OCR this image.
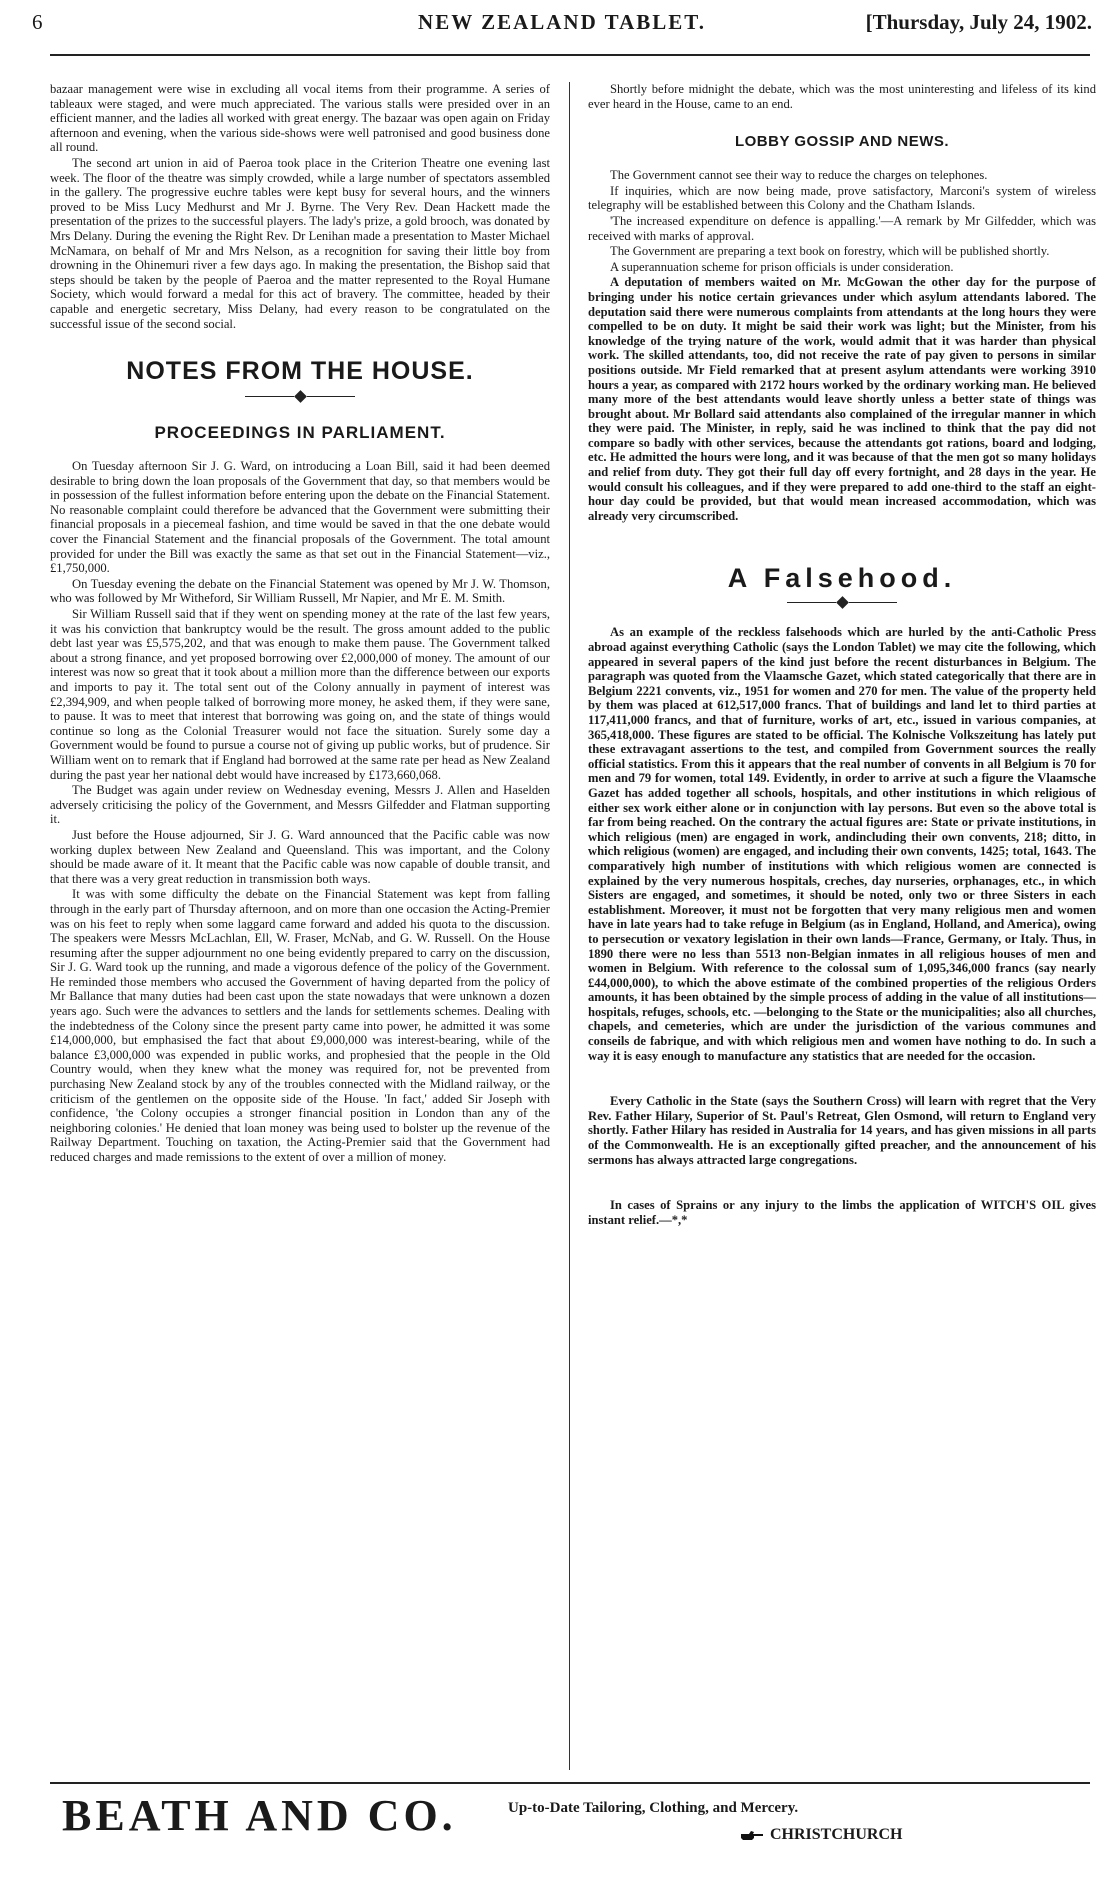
6	NEW ZEALAND TABLET.	[Thursday, July 24, 1902.

bazaar management were wise in excluding all vocal items from their programme. A series of tableaux were staged, and were much appreciated. The various stalls were presided over in an efficient manner, and the ladies all worked with great energy. The bazaar was open again on Friday afternoon and evening, when the various side-shows were well patronised and good business done all round.

The second art union in aid of Paeroa took place in the Criterion Theatre one evening last week. The floor of the theatre was simply crowded, while a large number of spectators assembled in the gallery. The progressive euchre tables were kept busy for several hours, and the winners proved to be Miss Lucy Medhurst and Mr J. Byrne. The Very Rev. Dean Hackett made the presentation of the prizes to the successful players. The lady's prize, a gold brooch, was donated by Mrs Delany. During the evening the Right Rev. Dr Lenihan made a presentation to Master Michael McNamara, on behalf of Mr and Mrs Nelson, as a recognition for saving their little boy from drowning in the Ohinemuri river a few days ago. In making the presentation, the Bishop said that steps should be taken by the people of Paeroa and the matter represented to the Royal Humane Society, which would forward a medal for this act of bravery. The committee, headed by their capable and energetic secretary, Miss Delany, had every reason to be congratulated on the successful issue of the second social.

NOTES FROM THE HOUSE.
PROCEEDINGS IN PARLIAMENT.

On Tuesday afternoon Sir J. G. Ward, on introducing a Loan Bill, said it had been deemed desirable to bring down the loan proposals of the Government that day, so that members would be in possession of the fullest information before entering upon the debate on the Financial Statement. No reasonable complaint could therefore be advanced that the Government were submitting their financial proposals in a piecemeal fashion, and time would be saved in that the one debate would cover the Financial Statement and the financial proposals of the Government. The total amount provided for under the Bill was exactly the same as that set out in the Financial Statement—viz., £1,750,000.

On Tuesday evening the debate on the Financial Statement was opened by Mr J. W. Thomson, who was followed by Mr Witheford, Sir William Russell, Mr Napier, and Mr E. M. Smith.

Sir William Russell said that if they went on spending money at the rate of the last few years, it was his conviction that bankruptcy would be the result. The gross amount added to the public debt last year was £5,575,202, and that was enough to make them pause. The Government talked about a strong finance, and yet proposed borrowing over £2,000,000 of money. The amount of our interest was now so great that it took about a million more than the difference between our exports and imports to pay it. The total sent out of the Colony annually in payment of interest was £2,394,909, and when people talked of borrowing more money, he asked them, if they were sane, to pause. It was to meet that interest that borrowing was going on, and the state of things would continue so long as the Colonial Treasurer would not face the situation. Surely some day a Government would be found to pursue a course not of giving up public works, but of prudence. Sir William went on to remark that if England had borrowed at the same rate per head as New Zealand during the past year her national debt would have increased by £173,660,068.

The Budget was again under review on Wednesday evening, Messrs J. Allen and Haselden adversely criticising the policy of the Government, and Messrs Gilfedder and Flatman supporting it.

Just before the House adjourned, Sir J. G. Ward announced that the Pacific cable was now working duplex between New Zealand and Queensland. This was important, and the Colony should be made aware of it. It meant that the Pacific cable was now capable of double transit, and that there was a very great reduction in transmission both ways.

It was with some difficulty the debate on the Financial Statement was kept from falling through in the early part of Thursday afternoon, and on more than one occasion the Acting-Premier was on his feet to reply when some laggard came forward and added his quota to the discussion. The speakers were Messrs McLachlan, Ell, W. Fraser, McNab, and G. W. Russell. On the House resuming after the supper adjournment no one being evidently prepared to carry on the discussion, Sir J. G. Ward took up the running, and made a vigorous defence of the policy of the Government. He reminded those members who accused the Government of having departed from the policy of Mr Ballance that many duties had been cast upon the state nowadays that were unknown a dozen years ago. Such were the advances to settlers and the lands for settlements schemes. Dealing with the indebtedness of the Colony since the present party came into power, he admitted it was some £14,000,000, but emphasised the fact that about £9,000,000 was interest-bearing, while of the balance £3,000,000 was expended in public works, and prophesied that the people in the Old Country would, when they knew what the money was required for, not be prevented from purchasing New Zealand stock by any of the troubles connected with the Midland railway, or the criticism of the gentlemen on the opposite side of the House. 'In fact,' added Sir Joseph with confidence, 'the Colony occupies a stronger financial position in London than any of the neighboring colonies.' He denied that loan money was being used to bolster up the revenue of the Railway Department. Touching on taxation, the Acting-Premier said that the Government had reduced charges and made remissions to the extent of over a million of money.

Shortly before midnight the debate, which was the most uninteresting and lifeless of its kind ever heard in the House, came to an end.

LOBBY GOSSIP AND NEWS.

The Government cannot see their way to reduce the charges on telephones.

If inquiries, which are now being made, prove satisfactory, Marconi's system of wireless telegraphy will be established between this Colony and the Chatham Islands.

'The increased expenditure on defence is appalling.'—A remark by Mr Gilfedder, which was received with marks of approval.

The Government are preparing a text book on forestry, which will be published shortly.

A superannuation scheme for prison officials is under consideration.

A deputation of members waited on Mr. McGowan the other day for the purpose of bringing under his notice certain grievances under which asylum attendants labored. The deputation said there were numerous complaints from attendants at the long hours they were compelled to be on duty. It might be said their work was light; but the Minister, from his knowledge of the trying nature of the work, would admit that it was harder than physical work. The skilled attendants, too, did not receive the rate of pay given to persons in similar positions outside. Mr Field remarked that at present asylum attendants were working 3910 hours a year, as compared with 2172 hours worked by the ordinary working man. He believed many more of the best attendants would leave shortly unless a better state of things was brought about. Mr Bollard said attendants also complained of the irregular manner in which they were paid. The Minister, in reply, said he was inclined to think that the pay did not compare so badly with other services, because the attendants got rations, board and lodging, etc. He admitted the hours were long, and it was because of that the men got so many holidays and relief from duty. They got their full day off every fortnight, and 28 days in the year. He would consult his colleagues, and if they were prepared to add one-third to the staff an eight-hour day could be provided, but that would mean increased accommodation, which was already very circumscribed.

A Falsehood.

As an example of the reckless falsehoods which are hurled by the anti-Catholic Press abroad against everything Catholic (says the London Tablet) we may cite the following, which appeared in several papers of the kind just before the recent disturbances in Belgium. The paragraph was quoted from the Vlaamsche Gazet, which stated categorically that there are in Belgium 2221 convents, viz., 1951 for women and 270 for men. The value of the property held by them was placed at 612,517,000 francs. That of buildings and land let to third parties at 117,411,000 francs, and that of furniture, works of art, etc., issued in various companies, at 365,418,000. These figures are stated to be official. The Kolnische Volkszeitung has lately put these extravagant assertions to the test, and compiled from Government sources the really official statistics. From this it appears that the real number of convents in all Belgium is 70 for men and 79 for women, total 149. Evidently, in order to arrive at such a figure the Vlaamsche Gazet has added together all schools, hospitals, and other institutions in which religious of either sex work either alone or in conjunction with lay persons. But even so the above total is far from being reached. On the contrary the actual figures are: State or private institutions, in which religious (men) are engaged in work, andincluding their own convents, 218; ditto, in which religious (women) are engaged, and including their own convents, 1425; total, 1643. The comparatively high number of institutions with which religious women are connected is explained by the very numerous hospitals, creches, day nurseries, orphanages, etc., in which Sisters are engaged, and sometimes, it should be noted, only two or three Sisters in each establishment. Moreover, it must not be forgotten that very many religious men and women have in late years had to take refuge in Belgium (as in England, Holland, and America), owing to persecution or vexatory legislation in their own lands—France, Germany, or Italy. Thus, in 1890 there were no less than 5513 non-Belgian inmates in all religious houses of men and women in Belgium. With reference to the colossal sum of 1,095,346,000 francs (say nearly £44,000,000), to which the above estimate of the combined properties of the religious Orders amounts, it has been obtained by the simple process of adding in the value of all institutions—hospitals, refuges, schools, etc. —belonging to the State or the municipalities; also all churches, chapels, and cemeteries, which are under the jurisdiction of the various communes and conseils de fabrique, and with which religious men and women have nothing to do. In such a way it is easy enough to manufacture any statistics that are needed for the occasion.

Every Catholic in the State (says the Southern Cross) will learn with regret that the Very Rev. Father Hilary, Superior of St. Paul's Retreat, Glen Osmond, will return to England very shortly. Father Hilary has resided in Australia for 14 years, and has given missions in all parts of the Commonwealth. He is an exceptionally gifted preacher, and the announcement of his sermons has always attracted large congregations.

In cases of Sprains or any injury to the limbs the application of WITCH'S OIL gives instant relief.—*,*

BEATH AND CO.	Up-to-Date Tailoring, Clothing, and Mercery.
CHRISTCHURCH
